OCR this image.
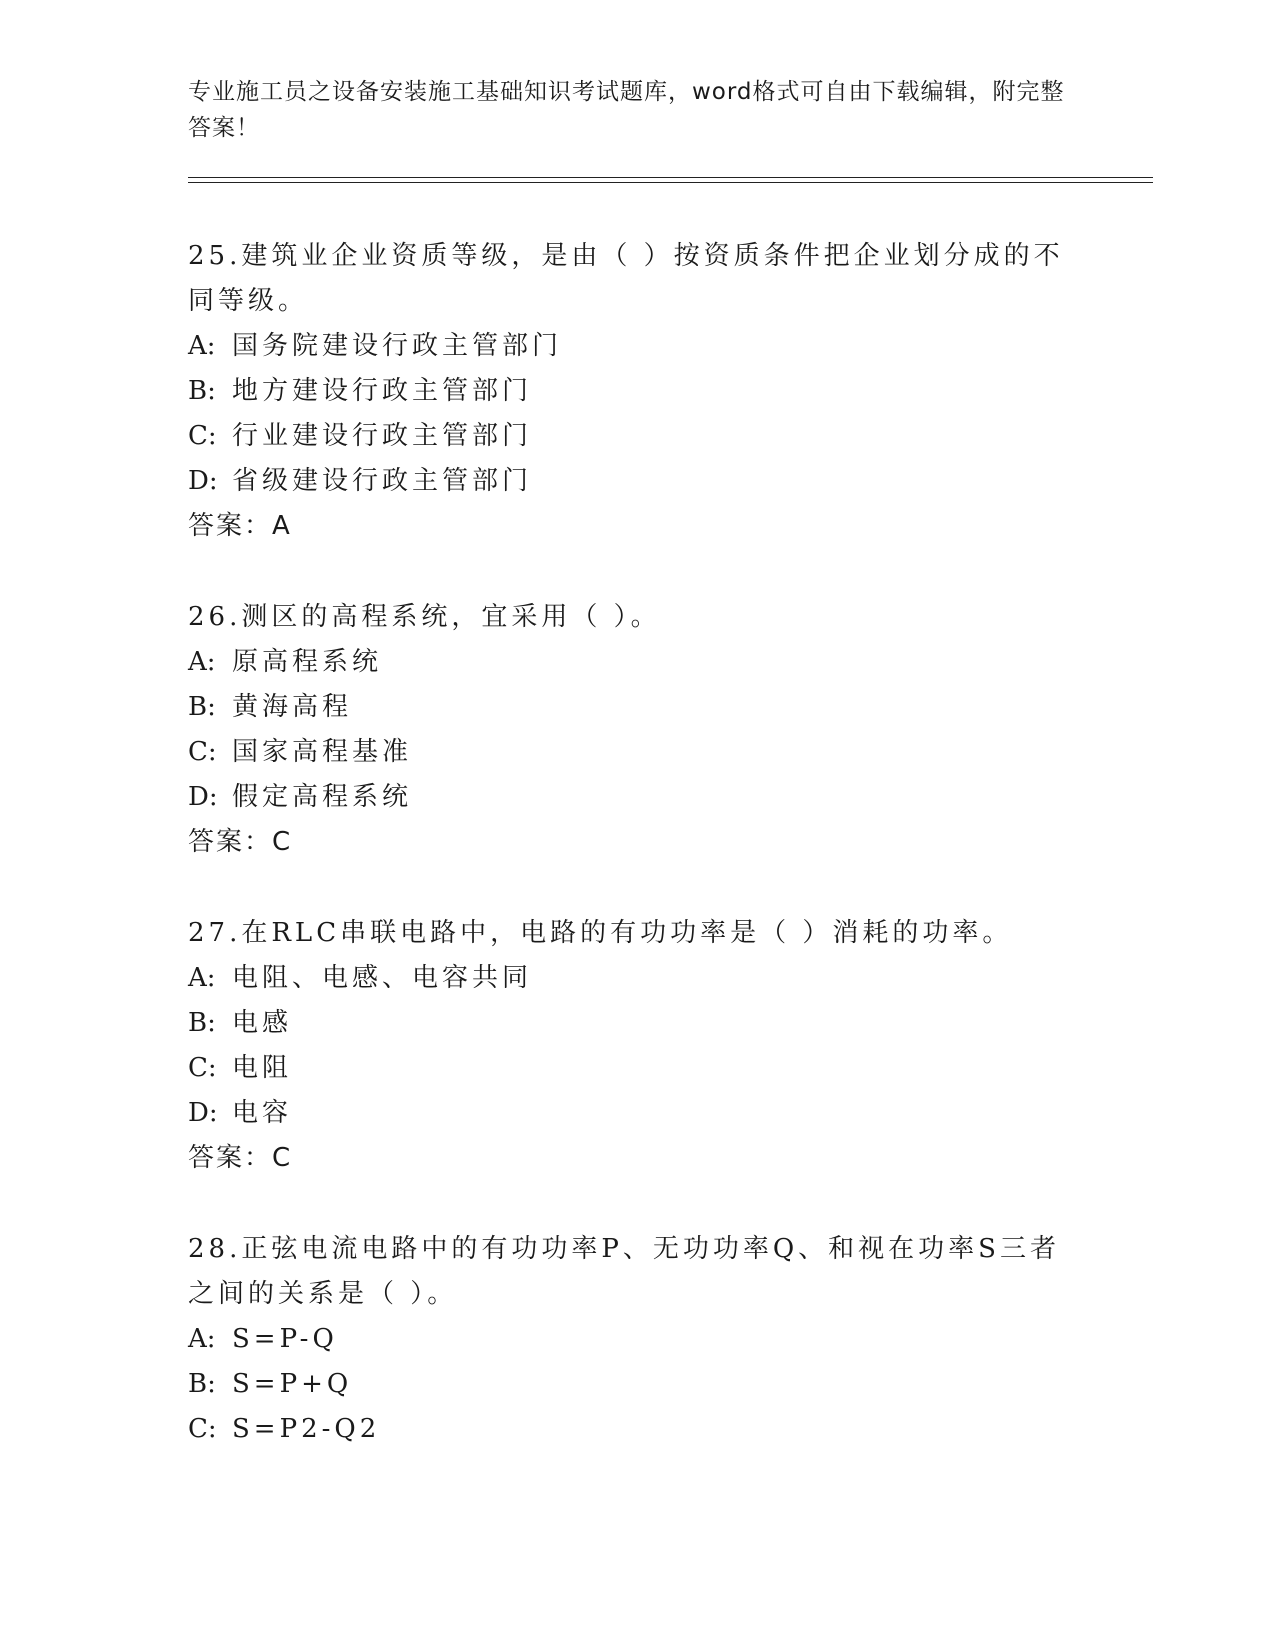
专业施工员之设备安装施工基础知识考试题库，word格式可自由下载编辑，附完整答案！

25.建筑业企业资质等级，是由（ ）按资质条件把企业划分成的不同等级。

A: 国务院建设行政主管部门

B: 地方建设行政主管部门

C: 行业建设行政主管部门

D: 省级建设行政主管部门

答案：A

26.测区的高程系统，宜采用（ ）。

A: 原高程系统

B: 黄海高程

C: 国家高程基准

D: 假定高程系统

答案：C

27.在RLC串联电路中，电路的有功功率是（ ）消耗的功率。

A: 电阻、电感、电容共同

B: 电感

C: 电阻

D: 电容

答案：C

28.正弦电流电路中的有功功率P、无功功率Q、和视在功率S三者之间的关系是（ ）。

A: S=P-Q

B: S=P+Q

C: S=P2-Q2
